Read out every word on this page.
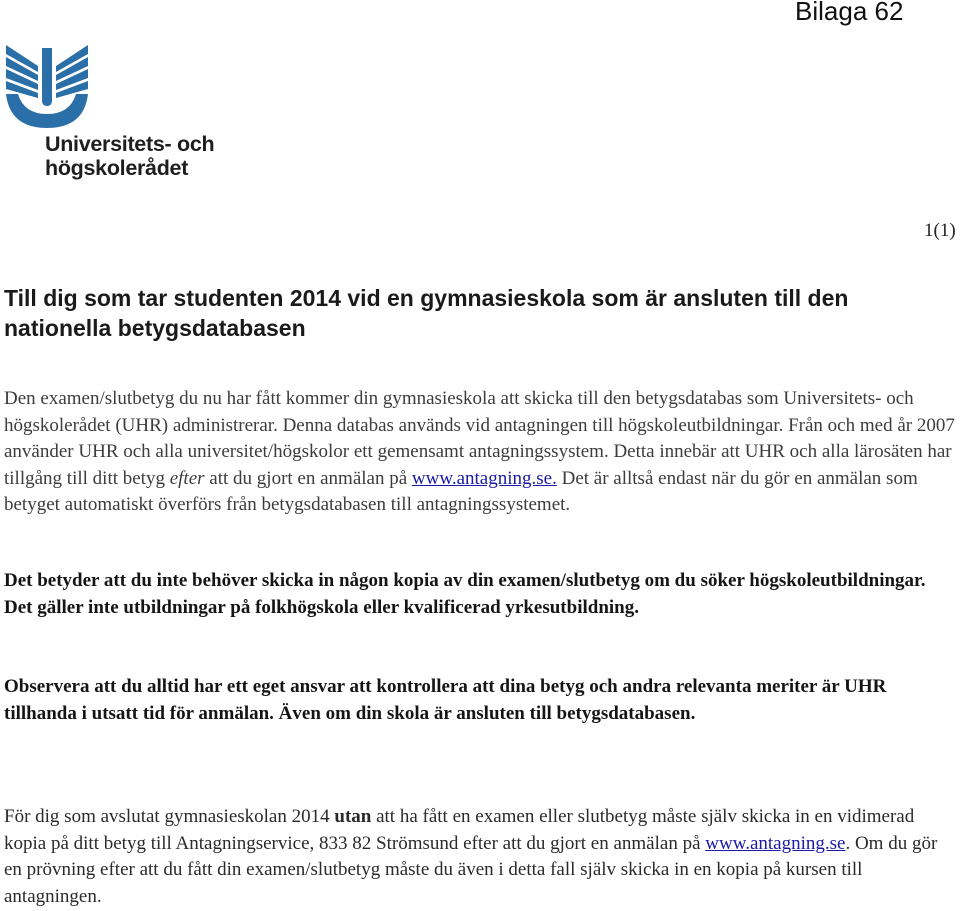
Bilaga 62
Universitets- och
högskolerådet
1(1)
Till dig som tar studenten 2014 vid en gymnasieskola som är ansluten till den nationella betygsdatabasen

Den examen/slutbetyg du nu har fått kommer din gymnasieskola att skicka till den betygsdatabas som Universitets- och högskolerådet (UHR) administrerar. Denna databas används vid antagningen till högskoleutbildningar. Från och med år 2007 använder UHR och alla universitet/högskolor ett gemensamt antagningssystem. Detta innebär att UHR och alla lärosäten har tillgång till ditt betyg efter att du gjort en anmälan på www.antagning.se. Det är alltså endast när du gör en anmälan som betyget automatiskt överförs från betygsdatabasen till antagningssystemet.

Det betyder att du inte behöver skicka in någon kopia av din examen/slutbetyg om du söker högskoleutbildningar. Det gäller inte utbildningar på folkhögskola eller kvalificerad yrkesutbildning.

Observera att du alltid har ett eget ansvar att kontrollera att dina betyg och andra relevanta meriter är UHR tillhanda i utsatt tid för anmälan. Även om din skola är ansluten till betygsdatabasen.

För dig som avslutat gymnasieskolan 2014 utan att ha fått en examen eller slutbetyg måste själv skicka in en vidimerad kopia på ditt betyg till Antagningservice, 833 82 Strömsund efter att du gjort en anmälan på www.antagning.se. Om du gör en prövning efter att du fått din examen/slutbetyg måste du även i detta fall själv skicka in en kopia på kursen till antagningen.
